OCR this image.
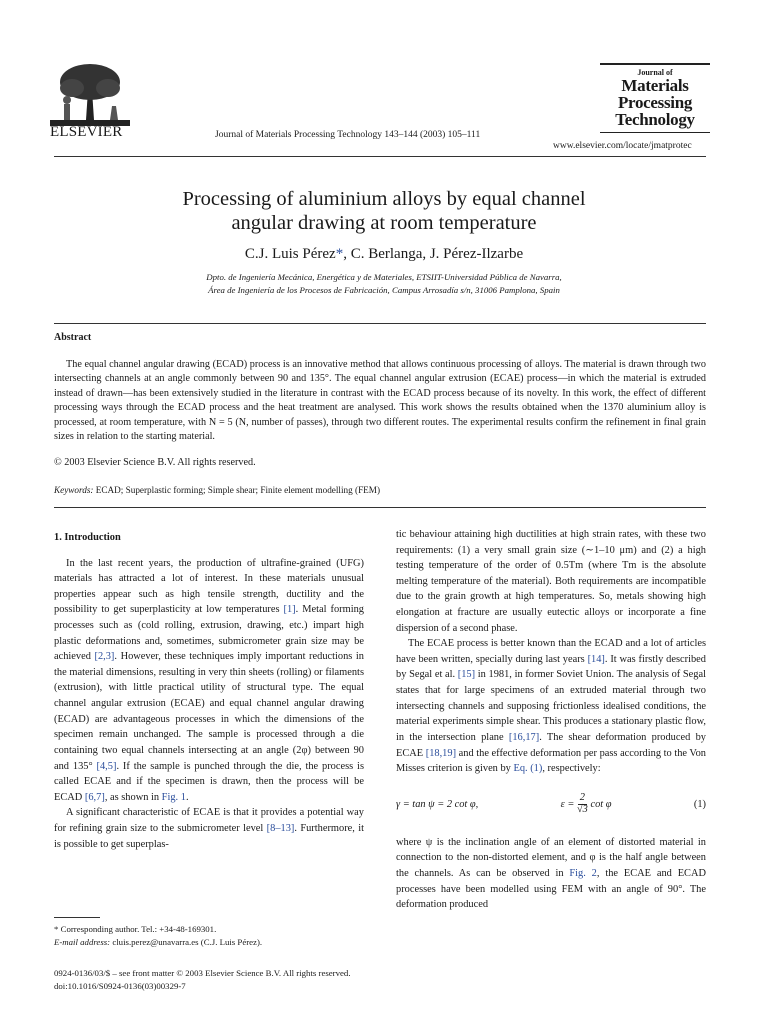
ELSEVIER	Journal of Materials Processing Technology 143–144 (2003) 105–111
Journal of
Materials
Processing
Technology
www.elsevier.com/locate/jmatprotec
Processing of aluminium alloys by equal channel
angular drawing at room temperature
C.J. Luis Pérez*, C. Berlanga, J. Pérez-Ilzarbe
Dpto. de Ingeniería Mecánica, Energética y de Materiales, ETSIIT-Universidad Pública de Navarra,
Área de Ingeniería de los Procesos de Fabricación, Campus Arrosadía s/n, 31006 Pamplona, Spain
Abstract
The equal channel angular drawing (ECAD) process is an innovative method that allows continuous processing of alloys. The material is drawn through two intersecting channels at an angle commonly between 90 and 135°. The equal channel angular extrusion (ECAE) process—in which the material is extruded instead of drawn—has been extensively studied in the literature in contrast with the ECAD process because of its novelty. In this work, the effect of different processing ways through the ECAD process and the heat treatment are analysed. This work shows the results obtained when the 1370 aluminium alloy is processed, at room temperature, with N = 5 (N, number of passes), through two different routes. The experimental results confirm the refinement in final grain sizes in relation to the starting material.
© 2003 Elsevier Science B.V. All rights reserved.
Keywords: ECAD; Superplastic forming; Simple shear; Finite element modelling (FEM)
1. Introduction

In the last recent years, the production of ultrafine-grained (UFG) materials has attracted a lot of interest. In these materials unusual properties appear such as high tensile strength, ductility and the possibility to get superplasticity at low temperatures [1]. Metal forming processes such as (cold rolling, extrusion, drawing, etc.) impart high plastic deformations and, sometimes, submicrometer grain size may be achieved [2,3]. However, these techniques imply important reductions in the material dimensions, resulting in very thin sheets (rolling) or filaments (extrusion), with little practical utility of structural type. The equal channel angular extrusion (ECAE) and equal channel angular drawing (ECAD) are advantageous processes in which the dimensions of the specimen remain unchanged. The sample is processed through a die containing two equal channels intersecting at an angle (2φ) between 90 and 135° [4,5]. If the sample is punched through the die, the process is called ECAE and if the specimen is drawn, then the process will be ECAD [6,7], as shown in Fig. 1.

A significant characteristic of ECAE is that it provides a potential way for refining grain size to the submicrometer level [8–13]. Furthermore, it is possible to get superplas-

tic behaviour attaining high ductilities at high strain rates, with these two requirements: (1) a very small grain size (∼1–10 μm) and (2) a high testing temperature of the order of 0.5Tm (where Tm is the absolute melting temperature of the material). Both requirements are incompatible due to the grain growth at high temperatures. So, metals showing high elongation at fracture are usually eutectic alloys or incorporate a fine dispersion of a second phase.

The ECAE process is better known than the ECAD and a lot of articles have been written, specially during last years [14]. It was firstly described by Segal et al. [15] in 1981, in former Soviet Union. The analysis of Segal states that for large specimens of an extruded material through two intersecting channels and supposing frictionless idealised conditions, the material experiments simple shear. This produces a stationary plastic flow, in the intersection plane [16,17]. The shear deformation produced by ECAE [18,19] and the effective deformation per pass according to the Von Misses criterion is given by Eq. (1), respectively:

γ = tan ψ = 2 cot φ,	$\varepsilon = \frac{2}{√3}$ cot φ	(1)

where ψ is the inclination angle of an element of distorted material in connection to the non-distorted element, and φ is the half angle between the channels. As can be observed in Fig. 2, the ECAE and ECAD processes have been modelled using FEM with an angle of 90°. The deformation produced

* Corresponding author. Tel.: +34-48-169301.
E-mail address: cluis.perez@unavarra.es (C.J. Luis Pérez).
0924-0136/03/$ – see front matter © 2003 Elsevier Science B.V. All rights reserved.
doi:10.1016/S0924-0136(03)00329-7
